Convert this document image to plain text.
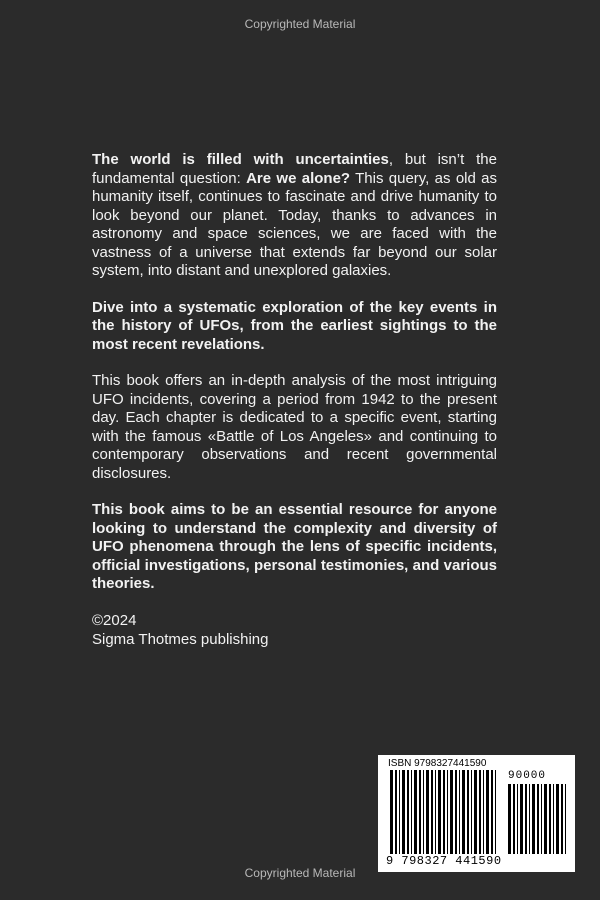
Copyrighted Material

The world is filled with uncertainties, but isn’t the fundamental question: Are we alone? This query, as old as humanity itself, continues to fascinate and drive humanity to look beyond our planet. Today, thanks to advances in astronomy and space sciences, we are faced with the vastness of a universe that extends far beyond our solar system, into distant and unexplored galaxies.

Dive into a systematic exploration of the key events in the history of UFOs, from the earliest sightings to the most recent revelations.

This book offers an in-depth analysis of the most intriguing UFO incidents, covering a period from 1942 to the present day. Each chapter is dedicated to a specific event, starting with the famous «Battle of Los Angeles» and continuing to contemporary observations and recent governmental disclosures.

This book aims to be an essential resource for anyone looking to understand the complexity and diversity of UFO phenomena through the lens of specific incidents, official investigations, personal testimonies, and various theories.

©2024
Sigma Thotmes publishing
ISBN 9798327441590
90000
9 798327 441590
Copyrighted Material
